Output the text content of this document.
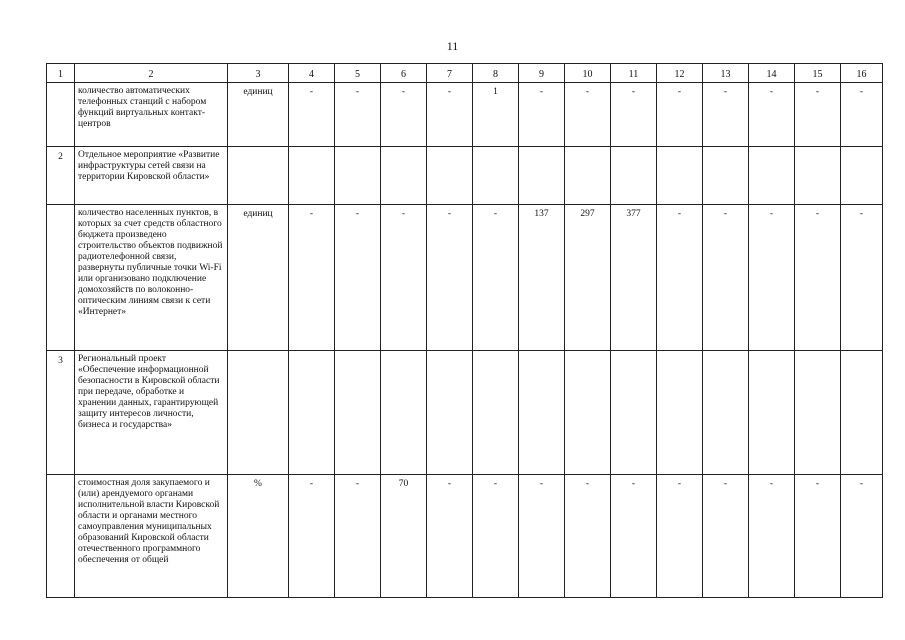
11
1	2	3	4	5	6	7	8	9	10	11	12	13	14	15	16
	количество автоматических телефонных станций с набором функций виртуальных контакт-центров	единиц	-	-	-	-	1	-	-	-	-	-	-	-	-
2	Отдельное мероприятие «Развитие инфраструктуры сетей связи на территории Кировской области»														
	количество населенных пунктов, в которых за счет средств областного бюджета произведено строительство объектов подвижной радиотелефонной связи, развернуты публичные точки Wi-Fi или организовано подключение домохозяйств по волоконно-оптическим линиям связи к сети «Интернет»	единиц	-	-	-	-	-	137	297	377	-	-	-	-	-
3	Региональный проект «Обеспечение информационной безопасности в Кировской области при передаче, обработке и хранении данных, гарантирующей защиту интересов личности, бизнеса и государства»														
	стоимостная доля закупаемого и (или) арендуемого органами исполнительной власти Кировской области и органами местного самоуправления муниципальных образований Кировской области отечественного программного обеспечения от общей	%	-	-	70	-	-	-	-	-	-	-	-	-	-
